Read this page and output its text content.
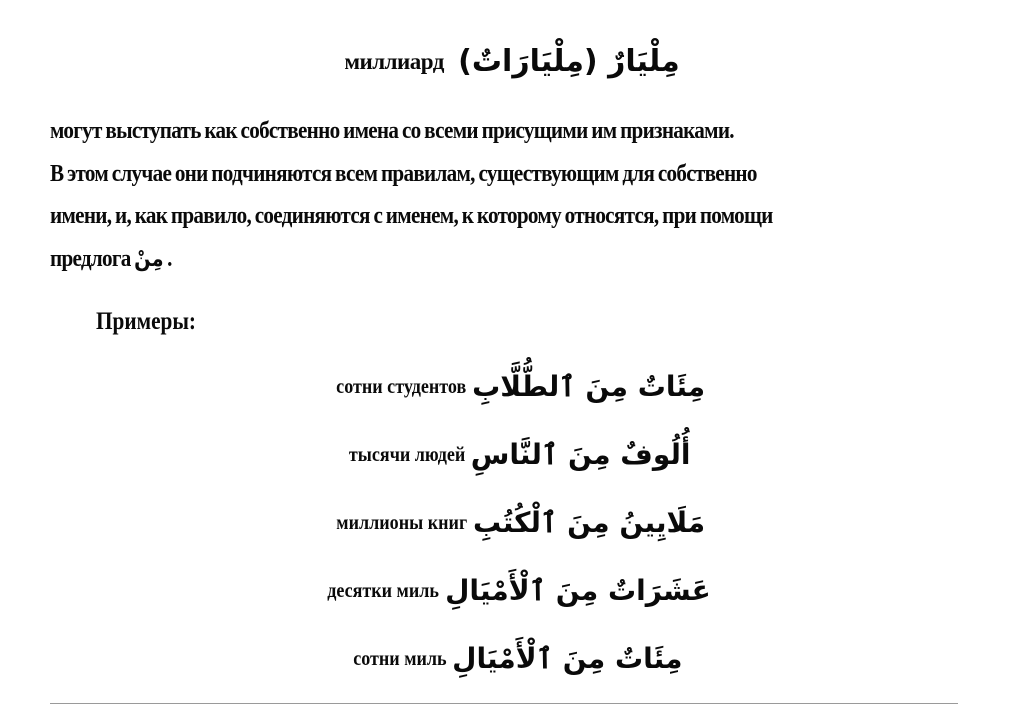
миллиард مِلْيَارٌ (مِلْيَارَاتٌ)
могут выступать как собственно имена со всеми присущими им признаками.
В этом случае они подчиняются всем правилам, существующим для собственно
имени, и, как правило, соединяются с именем, к которому относятся, при помощи
предлога مِنْ .
Примеры:
сотни студентов مِئَاتٌ مِنَ ٱلطُّلَّابِ
тысячи людей أُلُوفٌ مِنَ ٱلنَّاسِ
миллионы книг مَلَايِينُ مِنَ ٱلْكُتُبِ
десятки миль عَشَرَاتٌ مِنَ ٱلْأَمْيَالِ
сотни миль مِئَاتٌ مِنَ ٱلْأَمْيَالِ
